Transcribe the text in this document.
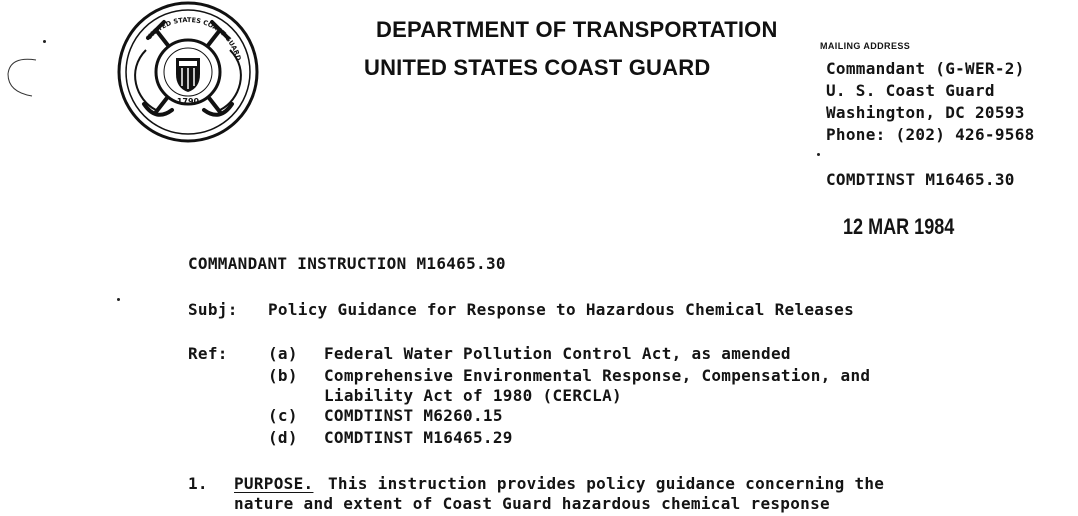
UNITED STATES COAST GUARD
1790
DEPARTMENT OF TRANSPORTATION
UNITED STATES COAST GUARD
MAILING ADDRESS
Commandant (G-WER-2)
U. S. Coast Guard
Washington, DC 20593
Phone: (202) 426-9568
COMDTINST M16465.30
12 MAR 1984
COMMANDANT INSTRUCTION M16465.30
Subj: Policy Guidance for Response to Hazardous Chemical Releases
Ref:	(a) Federal Water Pollution Control Act, as amended
(b) Comprehensive Environmental Response, Compensation, and
Liability Act of 1980 (CERCLA)
(c) COMDTINST M6260.15
(d) COMDTINST M16465.29
1. PURPOSE. This instruction provides policy guidance concerning the
nature and extent of Coast Guard hazardous chemical response
